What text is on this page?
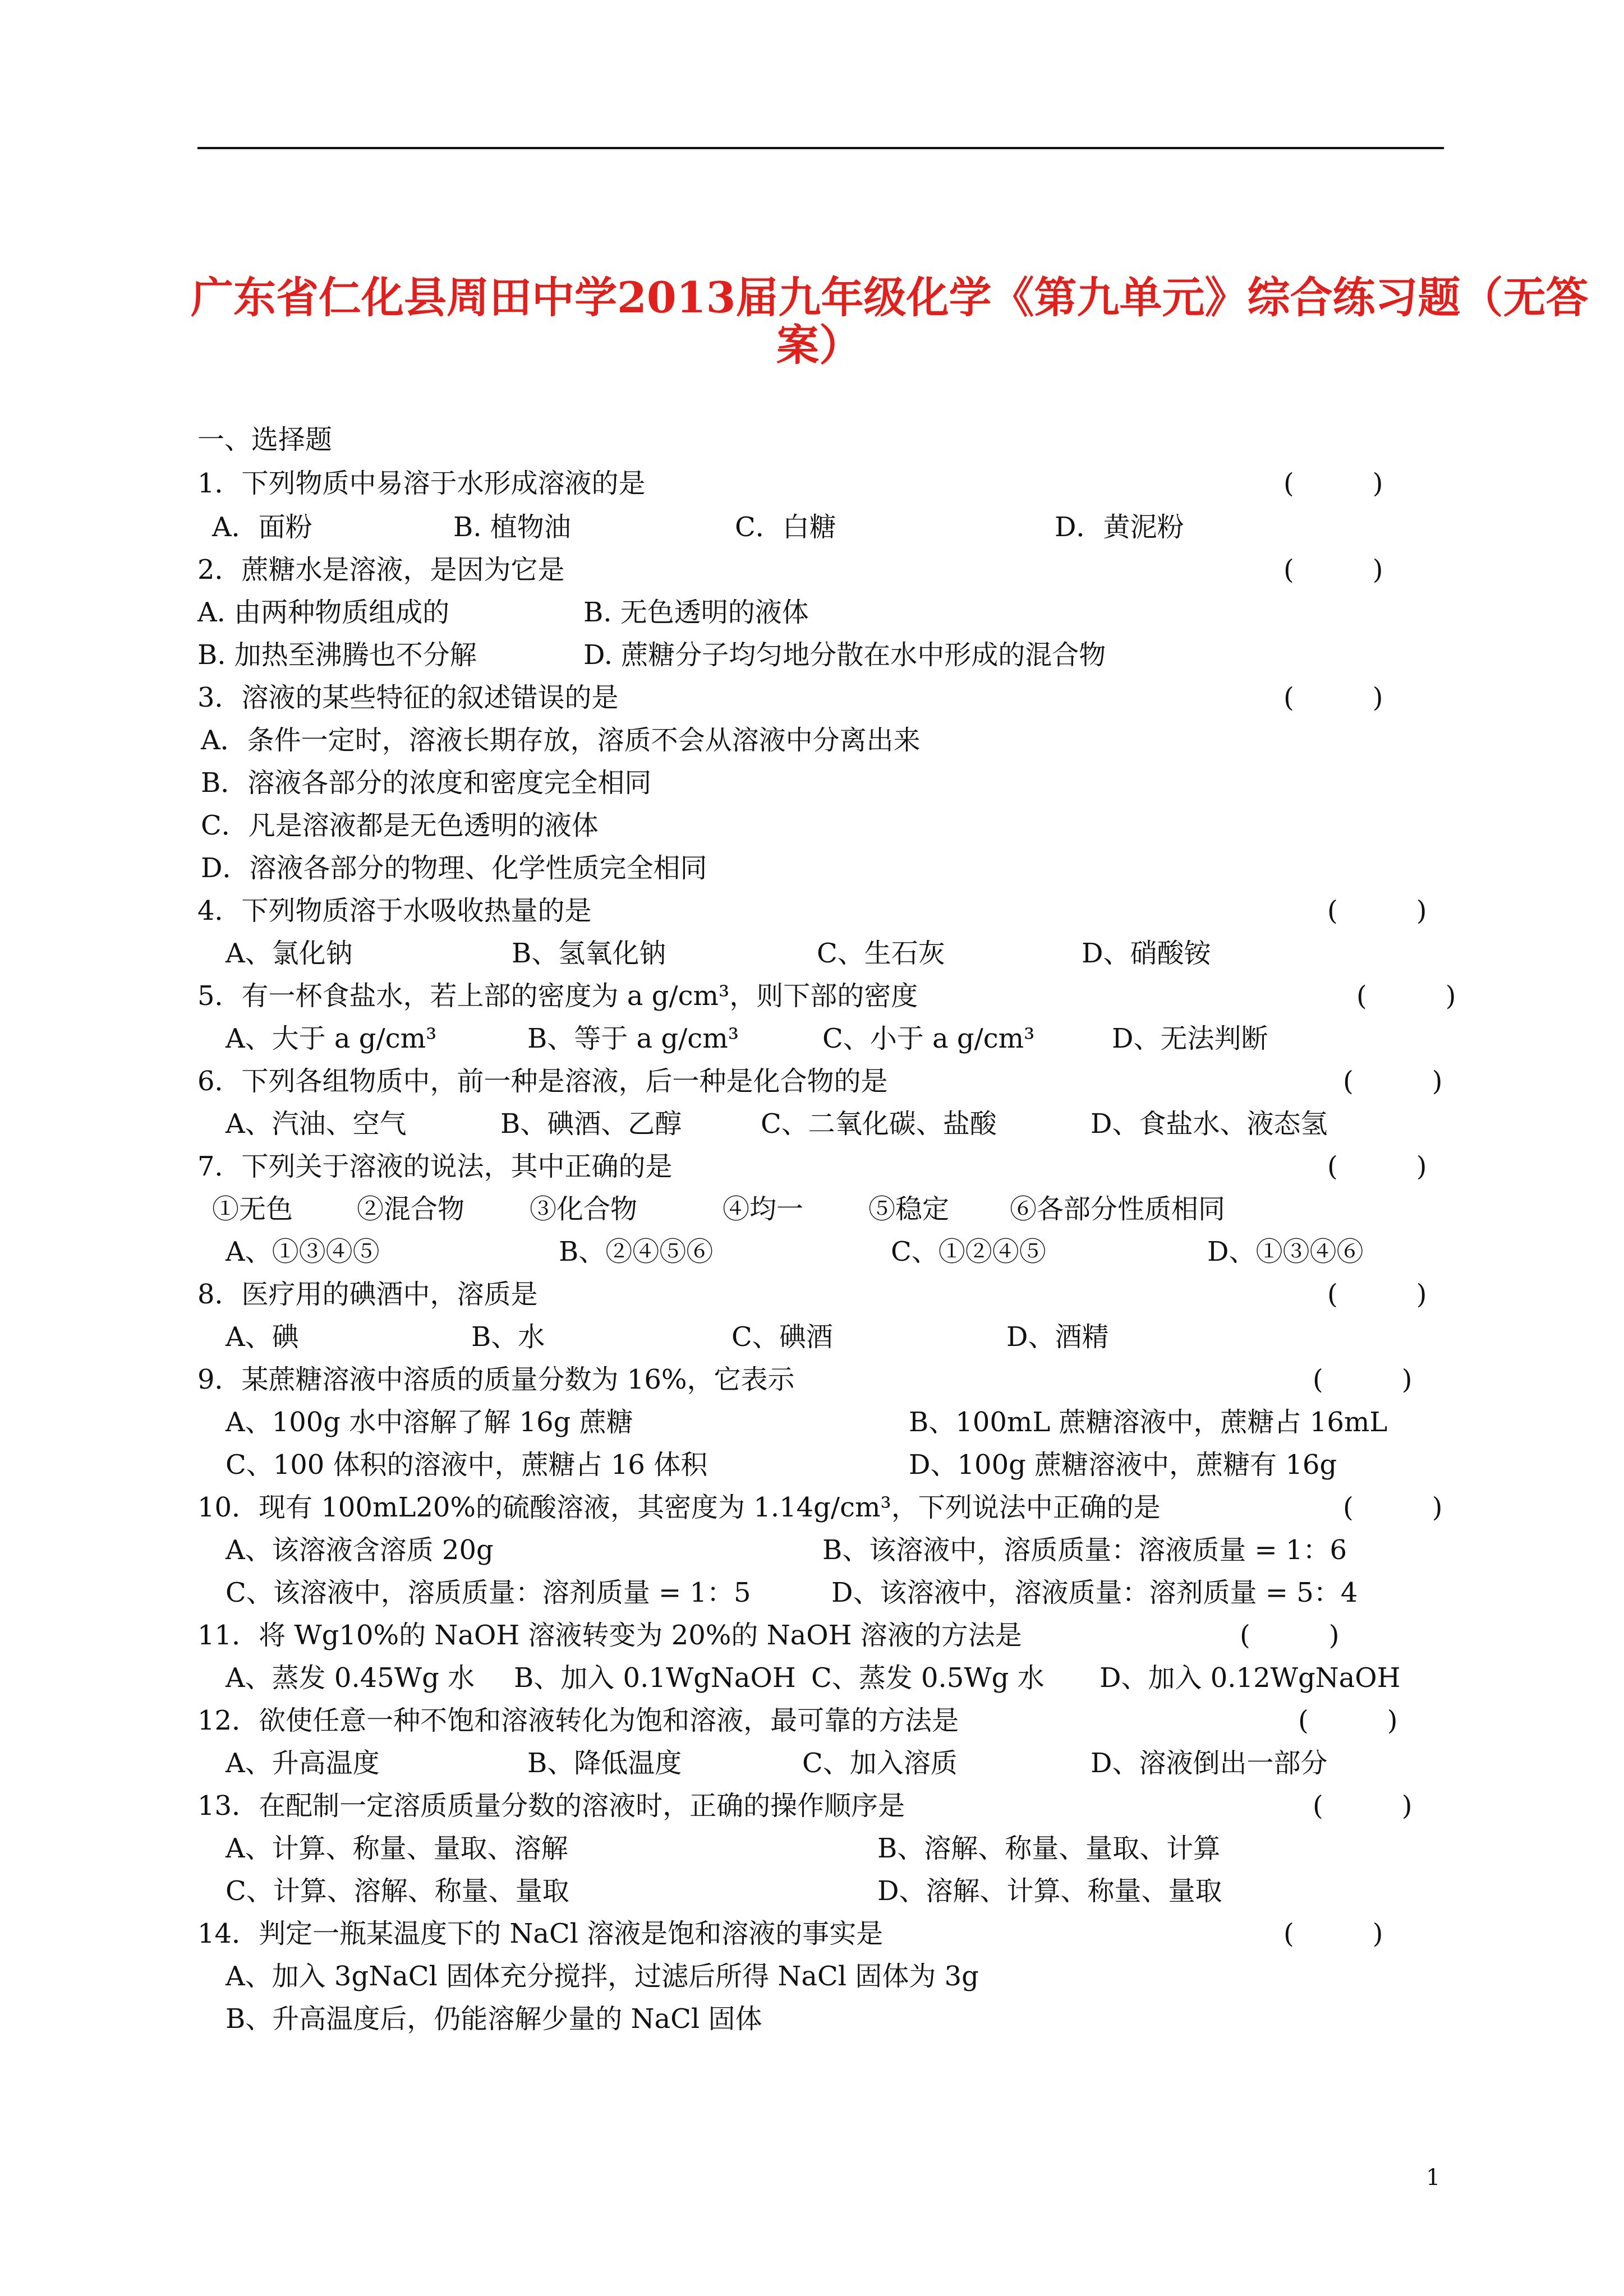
广东省仁化县周田中学2013届九年级化学《第九单元》综合练习题（无答
案）
一、选择题
1．下列物质中易溶于水形成溶液的是	(	)
A．面粉	B. 植物油	C．白糖	D．黄泥粉
2．蔗糖水是溶液，是因为它是	(	)
A. 由两种物质组成的	B. 无色透明的液体
B. 加热至沸腾也不分解	D. 蔗糖分子均匀地分散在水中形成的混合物
3．溶液的某些特征的叙述错误的是	(	)
A．条件一定时，溶液长期存放，溶质不会从溶液中分离出来
B．溶液各部分的浓度和密度完全相同
C．凡是溶液都是无色透明的液体
D．溶液各部分的物理、化学性质完全相同
4．下列物质溶于水吸收热量的是	(	)
A、氯化钠	B、氢氧化钠	C、生石灰	D、硝酸铵
5．有一杯食盐水，若上部的密度为 a g/cm³，则下部的密度	(	)
A、大于 a g/cm³	B、等于 a g/cm³	C、小于 a g/cm³	D、无法判断
6．下列各组物质中，前一种是溶液，后一种是化合物的是	(	)
A、汽油、空气	B、碘酒、乙醇	C、二氧化碳、盐酸	D、食盐水、液态氢
7．下列关于溶液的说法，其中正确的是	(	)
①无色 ②混合物 ③化合物	④均一 ⑤稳定 ⑥各部分性质相同
A、①③④⑤	B、②④⑤⑥	C、①②④⑤	D、①③④⑥
8．医疗用的碘酒中，溶质是	(	)
A、碘	B、水	C、碘酒	D、酒精
9．某蔗糖溶液中溶质的质量分数为 16%，它表示	(	)
A、100g 水中溶解了解 16g 蔗糖	B、100mL 蔗糖溶液中，蔗糖占 16mL
C、100 体积的溶液中，蔗糖占 16 体积	D、100g 蔗糖溶液中，蔗糖有 16g
10．现有 100mL20%的硫酸溶液，其密度为 1.14g/cm³，下列说法中正确的是	(	)
A、该溶液含溶质 20g	B、该溶液中，溶质质量：溶液质量 = 1：6
C、该溶液中，溶质质量：溶剂质量 = 1：5	D、该溶液中，溶液质量：溶剂质量 = 5：4
11．将 Wg10%的 NaOH 溶液转变为 20%的 NaOH 溶液的方法是	(	)
A、蒸发 0.45Wg 水 B、加入 0.1WgNaOH C、蒸发 0.5Wg 水 D、加入 0.12WgNaOH
12．欲使任意一种不饱和溶液转化为饱和溶液，最可靠的方法是	(	)
A、升高温度	B、降低温度	C、加入溶质	D、溶液倒出一部分
13．在配制一定溶质质量分数的溶液时，正确的操作顺序是	(	)
A、计算、称量、量取、溶解	B、溶解、称量、量取、计算
C、计算、溶解、称量、量取	D、溶解、计算、称量、量取
14．判定一瓶某温度下的 NaCl 溶液是饱和溶液的事实是	(	)
A、加入 3gNaCl 固体充分搅拌，过滤后所得 NaCl 固体为 3g
B、升高温度后，仍能溶解少量的 NaCl 固体
1
